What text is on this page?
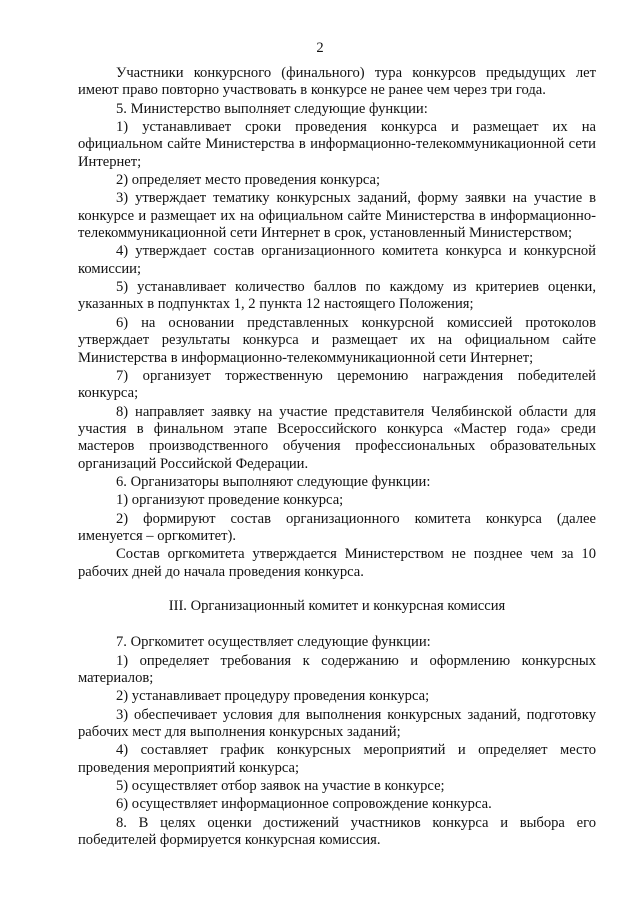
2

Участники конкурсного (финального) тура конкурсов предыдущих лет имеют право повторно участвовать в конкурсе не ранее чем через три года.

5. Министерство выполняет следующие функции:

1) устанавливает сроки проведения конкурса и размещает их на официальном сайте Министерства в информационно-телекоммуникационной сети Интернет;

2) определяет место проведения конкурса;

3) утверждает тематику конкурсных заданий, форму заявки на участие в конкурсе и размещает их на официальном сайте Министерства в информационно-телекоммуникационной сети Интернет в срок, установленный Министерством;

4) утверждает состав организационного комитета конкурса и конкурсной комиссии;

5) устанавливает количество баллов по каждому из критериев оценки, указанных в подпунктах 1, 2 пункта 12 настоящего Положения;

6) на основании представленных конкурсной комиссией протоколов утверждает результаты конкурса и размещает их на официальном сайте Министерства в информационно-телекоммуникационной сети Интернет;

7) организует торжественную церемонию награждения победителей конкурса;

8) направляет заявку на участие представителя Челябинской области для участия в финальном этапе Всероссийского конкурса «Мастер года» среди мастеров производственного обучения профессиональных образовательных организаций Российской Федерации.

6. Организаторы выполняют следующие функции:

1) организуют проведение конкурса;

2) формируют состав организационного комитета конкурса (далее именуется – оргкомитет).

Состав оргкомитета утверждается Министерством не позднее чем за 10 рабочих дней до начала проведения конкурса.

III. Организационный комитет и конкурсная комиссия

7. Оргкомитет осуществляет следующие функции:

1) определяет требования к содержанию и оформлению конкурсных материалов;

2) устанавливает процедуру проведения конкурса;

3) обеспечивает условия для выполнения конкурсных заданий, подготовку рабочих мест для выполнения конкурсных заданий;

4) составляет график конкурсных мероприятий и определяет место проведения мероприятий конкурса;

5) осуществляет отбор заявок на участие в конкурсе;

6) осуществляет информационное сопровождение конкурса.

8. В целях оценки достижений участников конкурса и выбора его победителей формируется конкурсная комиссия.
